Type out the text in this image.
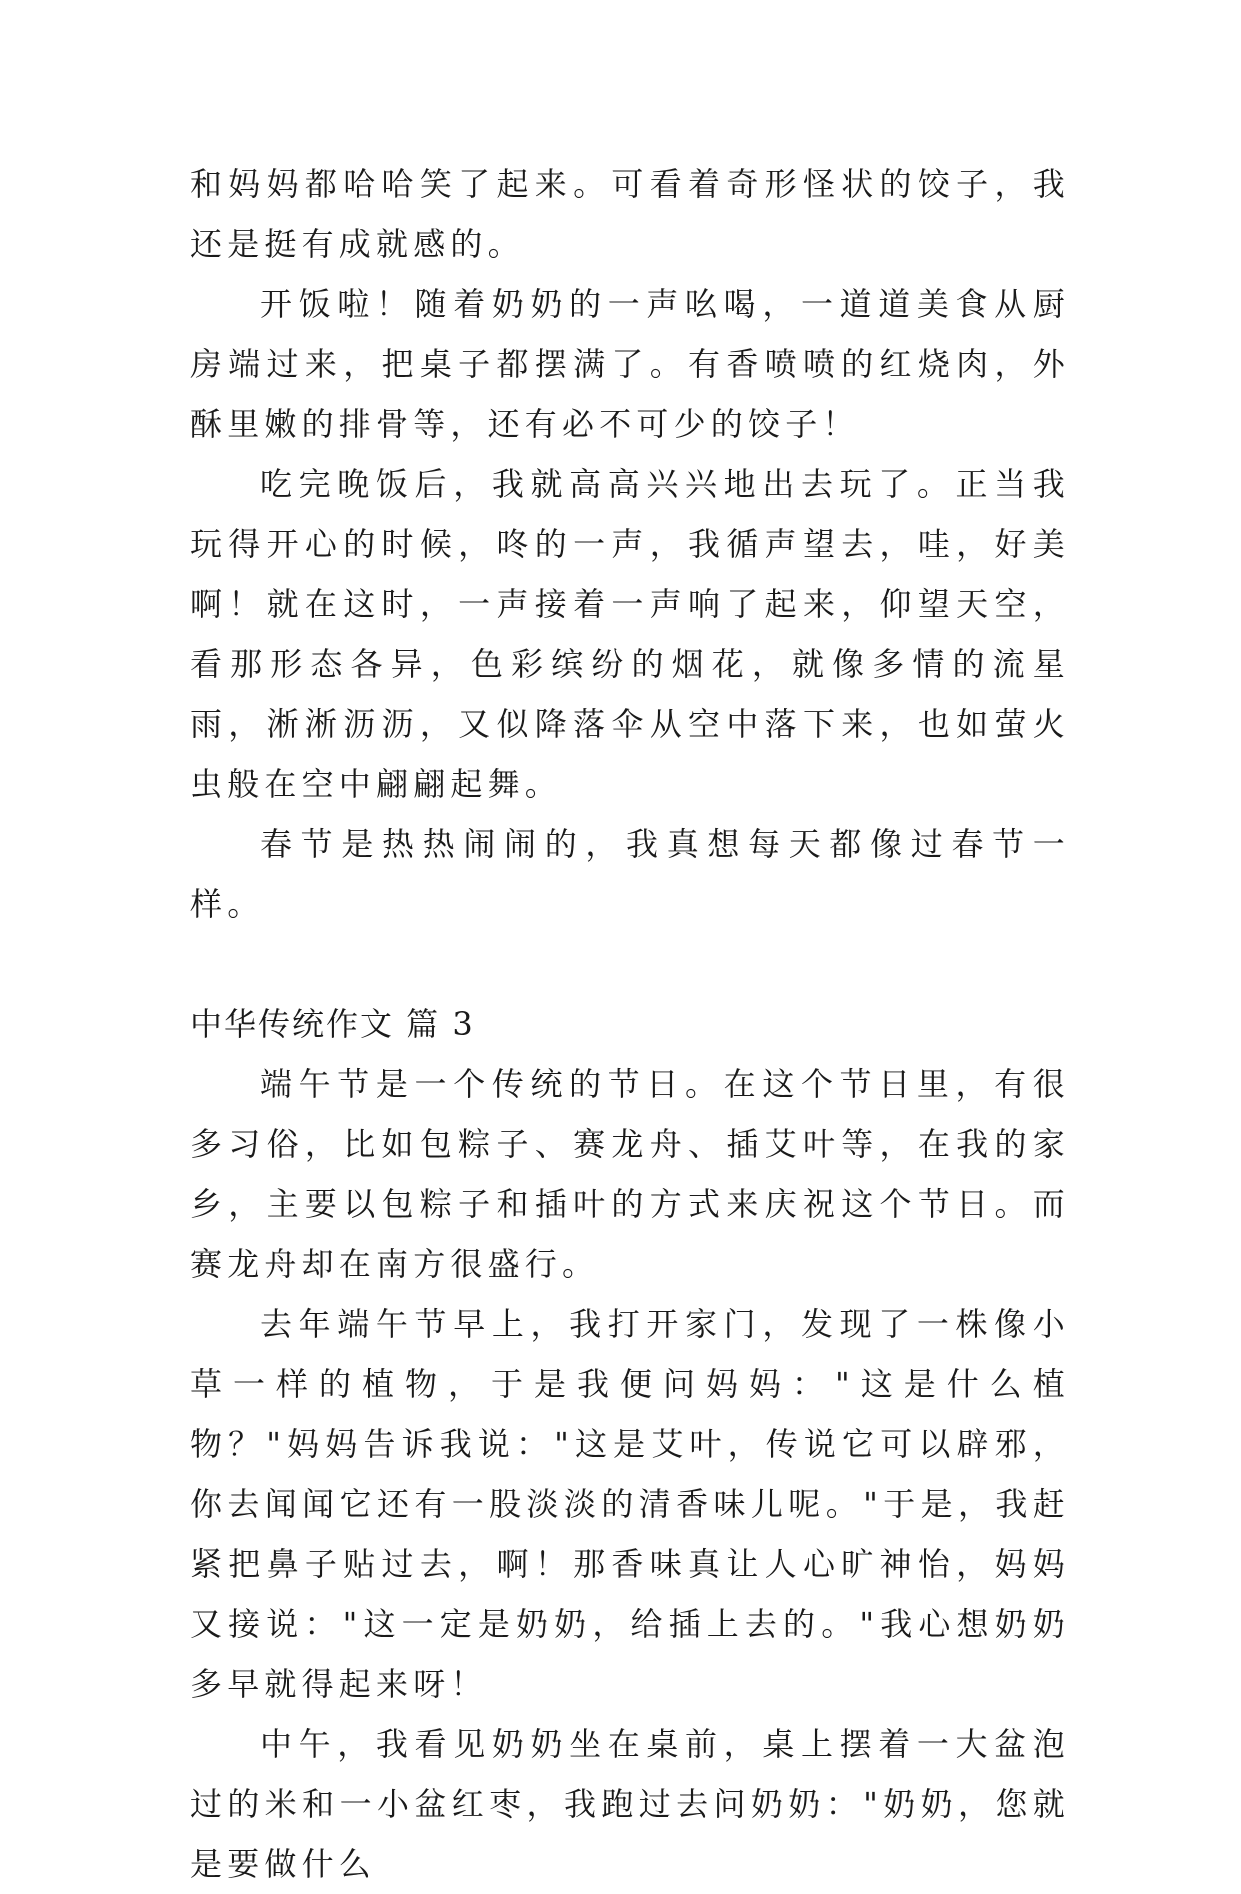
和妈妈都哈哈笑了起来。可看着奇形怪状的饺子，我还是挺有成就感的。

开饭啦！随着奶奶的一声吆喝，一道道美食从厨房端过来，把桌子都摆满了。有香喷喷的红烧肉，外酥里嫩的排骨等，还有必不可少的饺子！

吃完晚饭后，我就高高兴兴地出去玩了。正当我玩得开心的时候，咚的一声，我循声望去，哇，好美啊！就在这时，一声接着一声响了起来，仰望天空，看那形态各异，色彩缤纷的烟花，就像多情的流星雨，淅淅沥沥，又似降落伞从空中落下来，也如萤火虫般在空中翩翩起舞。

春节是热热闹闹的，我真想每天都像过春节一样。

中华传统作文 篇 3

端午节是一个传统的节日。在这个节日里，有很多习俗，比如包粽子、赛龙舟、插艾叶等，在我的家乡，主要以包粽子和插叶的方式来庆祝这个节日。而赛龙舟却在南方很盛行。

去年端午节早上，我打开家门，发现了一株像小草一样的植物，于是我便问妈妈："这是什么植物？"妈妈告诉我说："这是艾叶，传说它可以辟邪，你去闻闻它还有一股淡淡的清香味儿呢。"于是，我赶紧把鼻子贴过去，啊！那香味真让人心旷神怡，妈妈又接说："这一定是奶奶，给插上去的。"我心想奶奶多早就得起来呀！

中午，我看见奶奶坐在桌前，桌上摆着一大盆泡过的米和一小盆红枣，我跑过去问奶奶："奶奶，您就是要做什么
